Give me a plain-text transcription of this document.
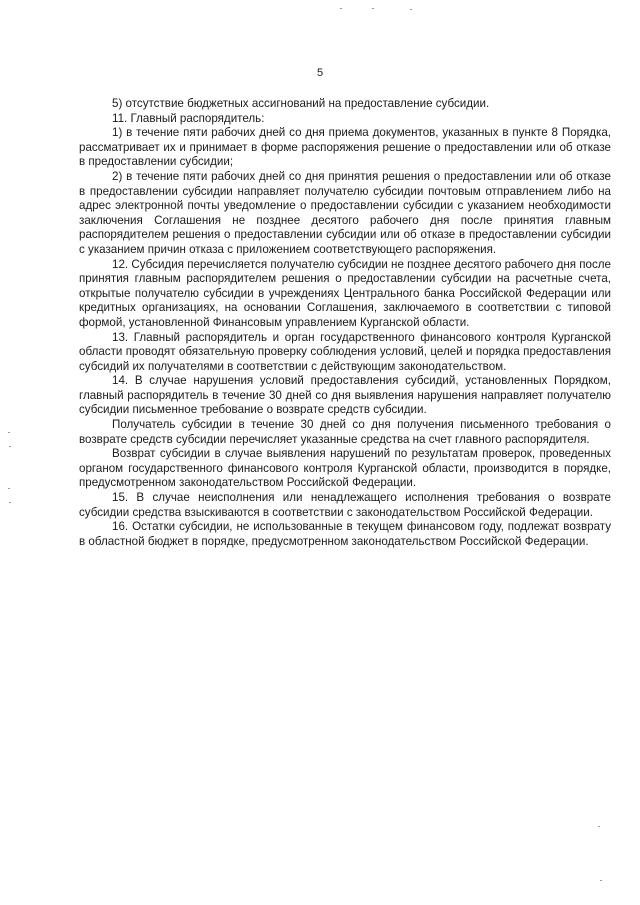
5

5) отсутствие бюджетных ассигнований на предоставление субсидии.

11. Главный распорядитель:

1) в течение пяти рабочих дней со дня приема документов, указанных в пункте 8 Порядка, рассматривает их и принимает в форме распоряжения решение о предоставлении или об отказе в предоставлении субсидии;

2) в течение пяти рабочих дней со дня принятия решения о предоставлении или об отказе в предоставлении субсидии направляет получателю субсидии почтовым отправлением либо на адрес электронной почты уведомление о предоставлении субсидии с указанием необходимости заключения Соглашения не позднее десятого рабочего дня после принятия главным распорядителем решения о предоставлении субсидии или об отказе в предоставлении субсидии с указанием причин отказа с приложением соответствующего распоряжения.

12. Субсидия перечисляется получателю субсидии не позднее десятого рабочего дня после принятия главным распорядителем решения о предоставлении субсидии на расчетные счета, открытые получателю субсидии в учреждениях Центрального банка Российской Федерации или кредитных организациях, на основании Соглашения, заключаемого в соответствии с типовой формой, установленной Финансовым управлением Курганской области.

13. Главный распорядитель и орган государственного финансового контроля Курганской области проводят обязательную проверку соблюдения условий, целей и порядка предоставления субсидий их получателями в соответствии с действующим законодательством.

14. В случае нарушения условий предоставления субсидий, установленных Порядком, главный распорядитель в течение 30 дней со дня выявления нарушения направляет получателю субсидии письменное требование о возврате средств субсидии.

Получатель субсидии в течение 30 дней со дня получения письменного требования о возврате средств субсидии перечисляет указанные средства на счет главного распорядителя.

Возврат субсидии в случае выявления нарушений по результатам проверок, проведенных органом государственного финансового контроля Курганской области, производится в порядке, предусмотренном законодательством Российской Федерации.

15. В случае неисполнения или ненадлежащего исполнения требования о возврате субсидии средства взыскиваются в соответствии с законодательством Российской Федерации.

16. Остатки субсидии, не использованные в текущем финансовом году, подлежат возврату в областной бюджет в порядке, предусмотренном законодательством Российской Федерации.
